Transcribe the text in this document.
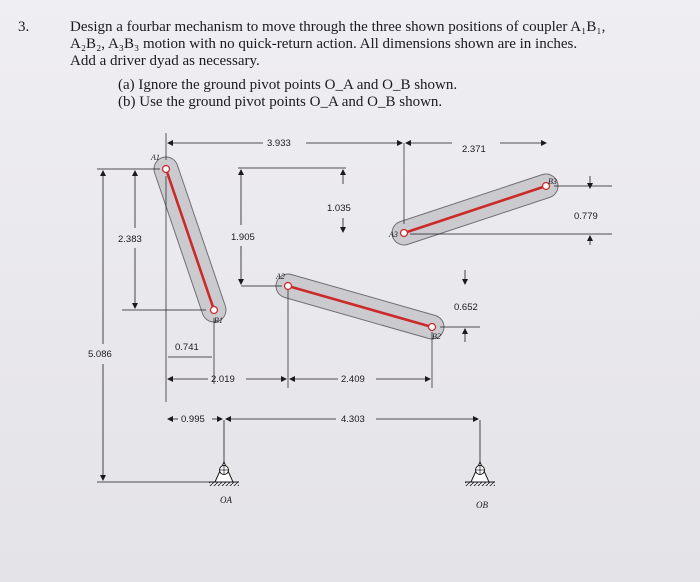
3.	Design a fourbar mechanism to move through the three shown positions of coupler A₁B₁,

A₂B₂, A₃B₃ motion with no quick-return action. All dimensions shown are in inches.

Add a driver dyad as necessary.

(a) Ignore the ground pivot points O_A and O_B shown.

(b) Use the ground pivot points O_A and O_B shown.

A1
B1
A2
B2
A3
B3
OA	OB
3.933
2.371
1.035
0.779
2.383	1.905
0.652
5.086
0.741
2.019	2.409
0.995	4.303
